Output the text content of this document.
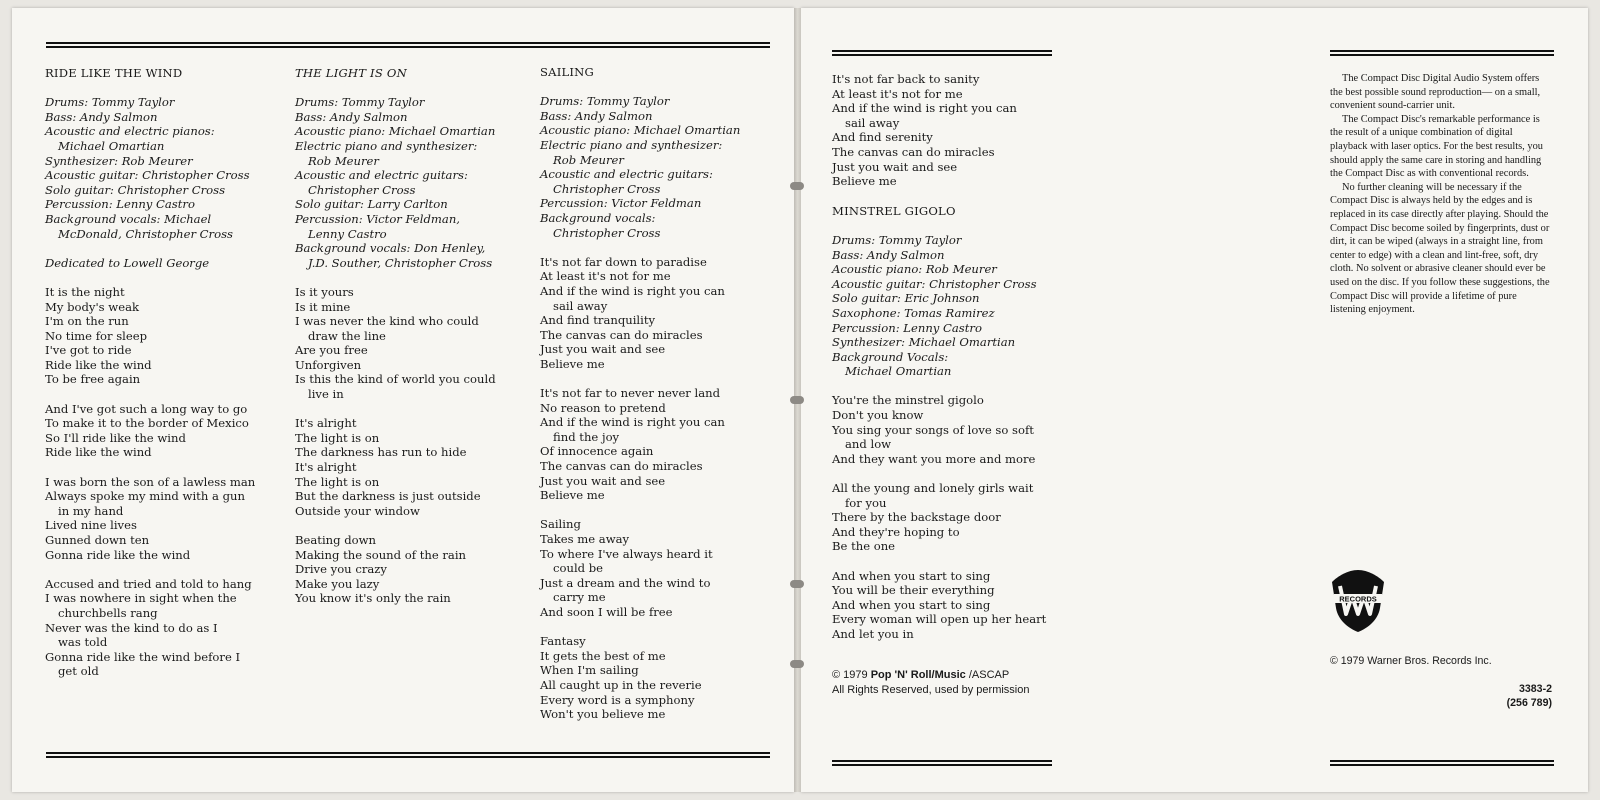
RIDE LIKE THE WIND
Drums: Tommy Taylor
Bass: Andy Salmon
Acoustic and electric pianos:
Michael Omartian
Synthesizer: Rob Meurer
Acoustic guitar: Christopher Cross
Solo guitar: Christopher Cross
Percussion: Lenny Castro
Background vocals: Michael
McDonald, Christopher Cross
Dedicated to Lowell George
It is the night
My body's weak
I'm on the run
No time for sleep
I've got to ride
Ride like the wind
To be free again
And I've got such a long way to go
To make it to the border of Mexico
So I'll ride like the wind
Ride like the wind
I was born the son of a lawless man
Always spoke my mind with a gun
in my hand
Lived nine lives
Gunned down ten
Gonna ride like the wind
Accused and tried and told to hang
I was nowhere in sight when the
churchbells rang
Never was the kind to do as I
was told
Gonna ride like the wind before I
get old
THE LIGHT IS ON
Drums: Tommy Taylor
Bass: Andy Salmon
Acoustic piano: Michael Omartian
Electric piano and synthesizer:
Rob Meurer
Acoustic and electric guitars:
Christopher Cross
Solo guitar: Larry Carlton
Percussion: Victor Feldman,
Lenny Castro
Background vocals: Don Henley,
J.D. Souther, Christopher Cross
Is it yours
Is it mine
I was never the kind who could
draw the line
Are you free
Unforgiven
Is this the kind of world you could
live in
It's alright
The light is on
The darkness has run to hide
It's alright
The light is on
But the darkness is just outside
Outside your window
Beating down
Making the sound of the rain
Drive you crazy
Make you lazy
You know it's only the rain
SAILING
Drums: Tommy Taylor
Bass: Andy Salmon
Acoustic piano: Michael Omartian
Electric piano and synthesizer:
Rob Meurer
Acoustic and electric guitars:
Christopher Cross
Percussion: Victor Feldman
Background vocals:
Christopher Cross
It's not far down to paradise
At least it's not for me
And if the wind is right you can
sail away
And find tranquility
The canvas can do miracles
Just you wait and see
Believe me
It's not far to never never land
No reason to pretend
And if the wind is right you can
find the joy
Of innocence again
The canvas can do miracles
Just you wait and see
Believe me
Sailing
Takes me away
To where I've always heard it
could be
Just a dream and the wind to
carry me
And soon I will be free
Fantasy
It gets the best of me
When I'm sailing
All caught up in the reverie
Every word is a symphony
Won't you believe me
It's not far back to sanity
At least it's not for me
And if the wind is right you can
sail away
And find serenity
The canvas can do miracles
Just you wait and see
Believe me
MINSTREL GIGOLO
Drums: Tommy Taylor
Bass: Andy Salmon
Acoustic piano: Rob Meurer
Acoustic guitar: Christopher Cross
Solo guitar: Eric Johnson
Saxophone: Tomas Ramirez
Percussion: Lenny Castro
Synthesizer: Michael Omartian
Background Vocals:
Michael Omartian
You're the minstrel gigolo
Don't you know
You sing your songs of love so soft
and low
And they want you more and more
All the young and lonely girls wait
for you
There by the backstage door
And they're hoping to
Be the one
And when you start to sing
You will be their everything
And when you start to sing
Every woman will open up her heart
And let you in
© 1979 Pop 'N' Roll/Music /ASCAP
All Rights Reserved, used by permission

The Compact Disc Digital Audio System offers the best possible sound reproduction— on a small, convenient sound-carrier unit.

The Compact Disc's remarkable performance is the result of a unique combination of digital playback with laser optics. For the best results, you should apply the same care in storing and handling the Compact Disc as with conventional records.

No further cleaning will be necessary if the Compact Disc is always held by the edges and is replaced in its case directly after playing. Should the Compact Disc become soiled by fingerprints, dust or dirt, it can be wiped (always in a straight line, from center to edge) with a clean and lint-free, soft, dry cloth. No solvent or abrasive cleaner should ever be used on the disc. If you follow these suggestions, the Compact Disc will provide a lifetime of pure listening enjoyment.

RECORDS
© 1979 Warner Bros. Records Inc.
3383-2
(256 789)
